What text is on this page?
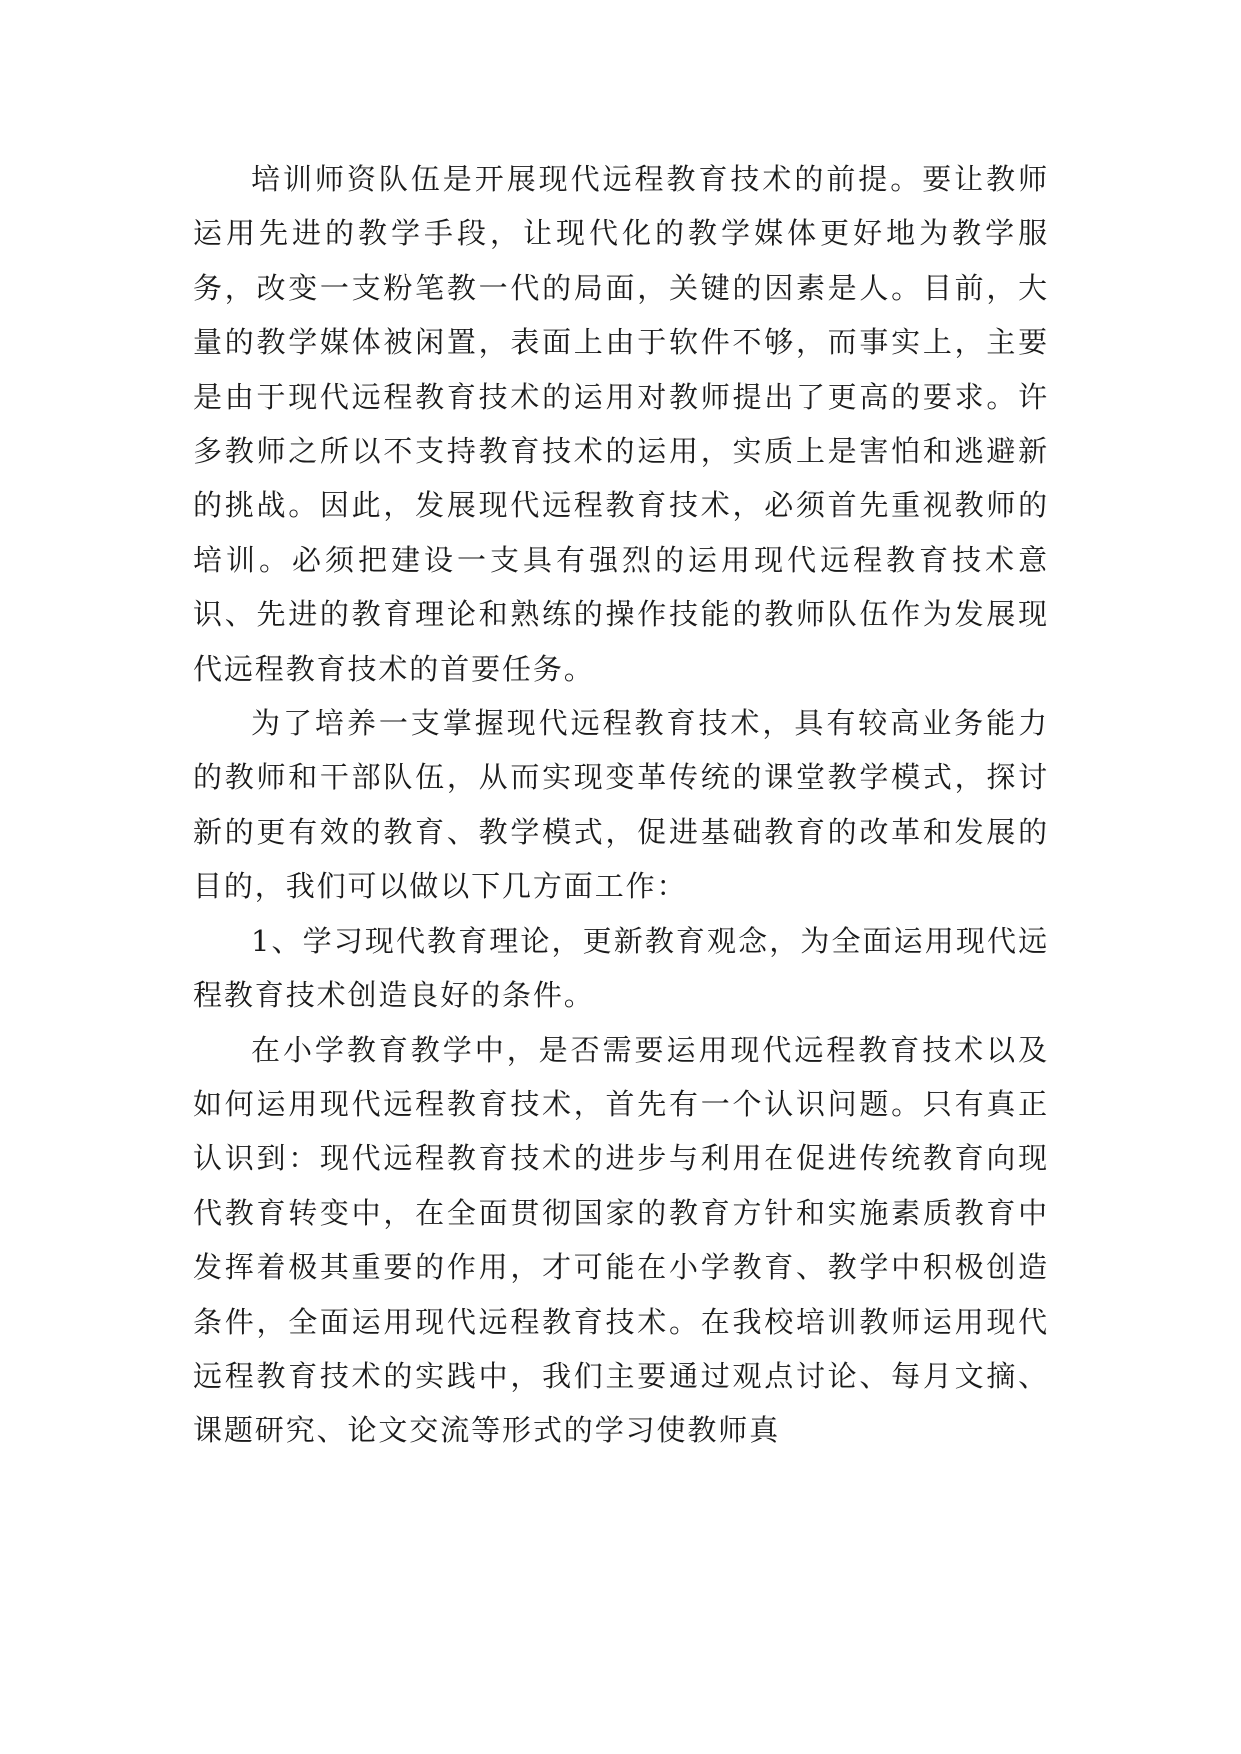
培训师资队伍是开展现代远程教育技术的前提。要让教师运用先进的教学手段，让现代化的教学媒体更好地为教学服务，改变一支粉笔教一代的局面，关键的因素是人。目前，大量的教学媒体被闲置，表面上由于软件不够，而事实上，主要是由于现代远程教育技术的运用对教师提出了更高的要求。许多教师之所以不支持教育技术的运用，实质上是害怕和逃避新的挑战。因此，发展现代远程教育技术，必须首先重视教师的培训。必须把建设一支具有强烈的运用现代远程教育技术意识、先进的教育理论和熟练的操作技能的教师队伍作为发展现代远程教育技术的首要任务。

为了培养一支掌握现代远程教育技术，具有较高业务能力的教师和干部队伍，从而实现变革传统的课堂教学模式，探讨新的更有效的教育、教学模式，促进基础教育的改革和发展的目的，我们可以做以下几方面工作：

1、学习现代教育理论，更新教育观念，为全面运用现代远程教育技术创造良好的条件。

在小学教育教学中，是否需要运用现代远程教育技术以及如何运用现代远程教育技术，首先有一个认识问题。只有真正认识到：现代远程教育技术的进步与利用在促进传统教育向现代教育转变中，在全面贯彻国家的教育方针和实施素质教育中发挥着极其重要的作用，才可能在小学教育、教学中积极创造条件，全面运用现代远程教育技术。在我校培训教师运用现代远程教育技术的实践中，我们主要通过观点讨论、每月文摘、课题研究、论文交流等形式的学习使教师真
